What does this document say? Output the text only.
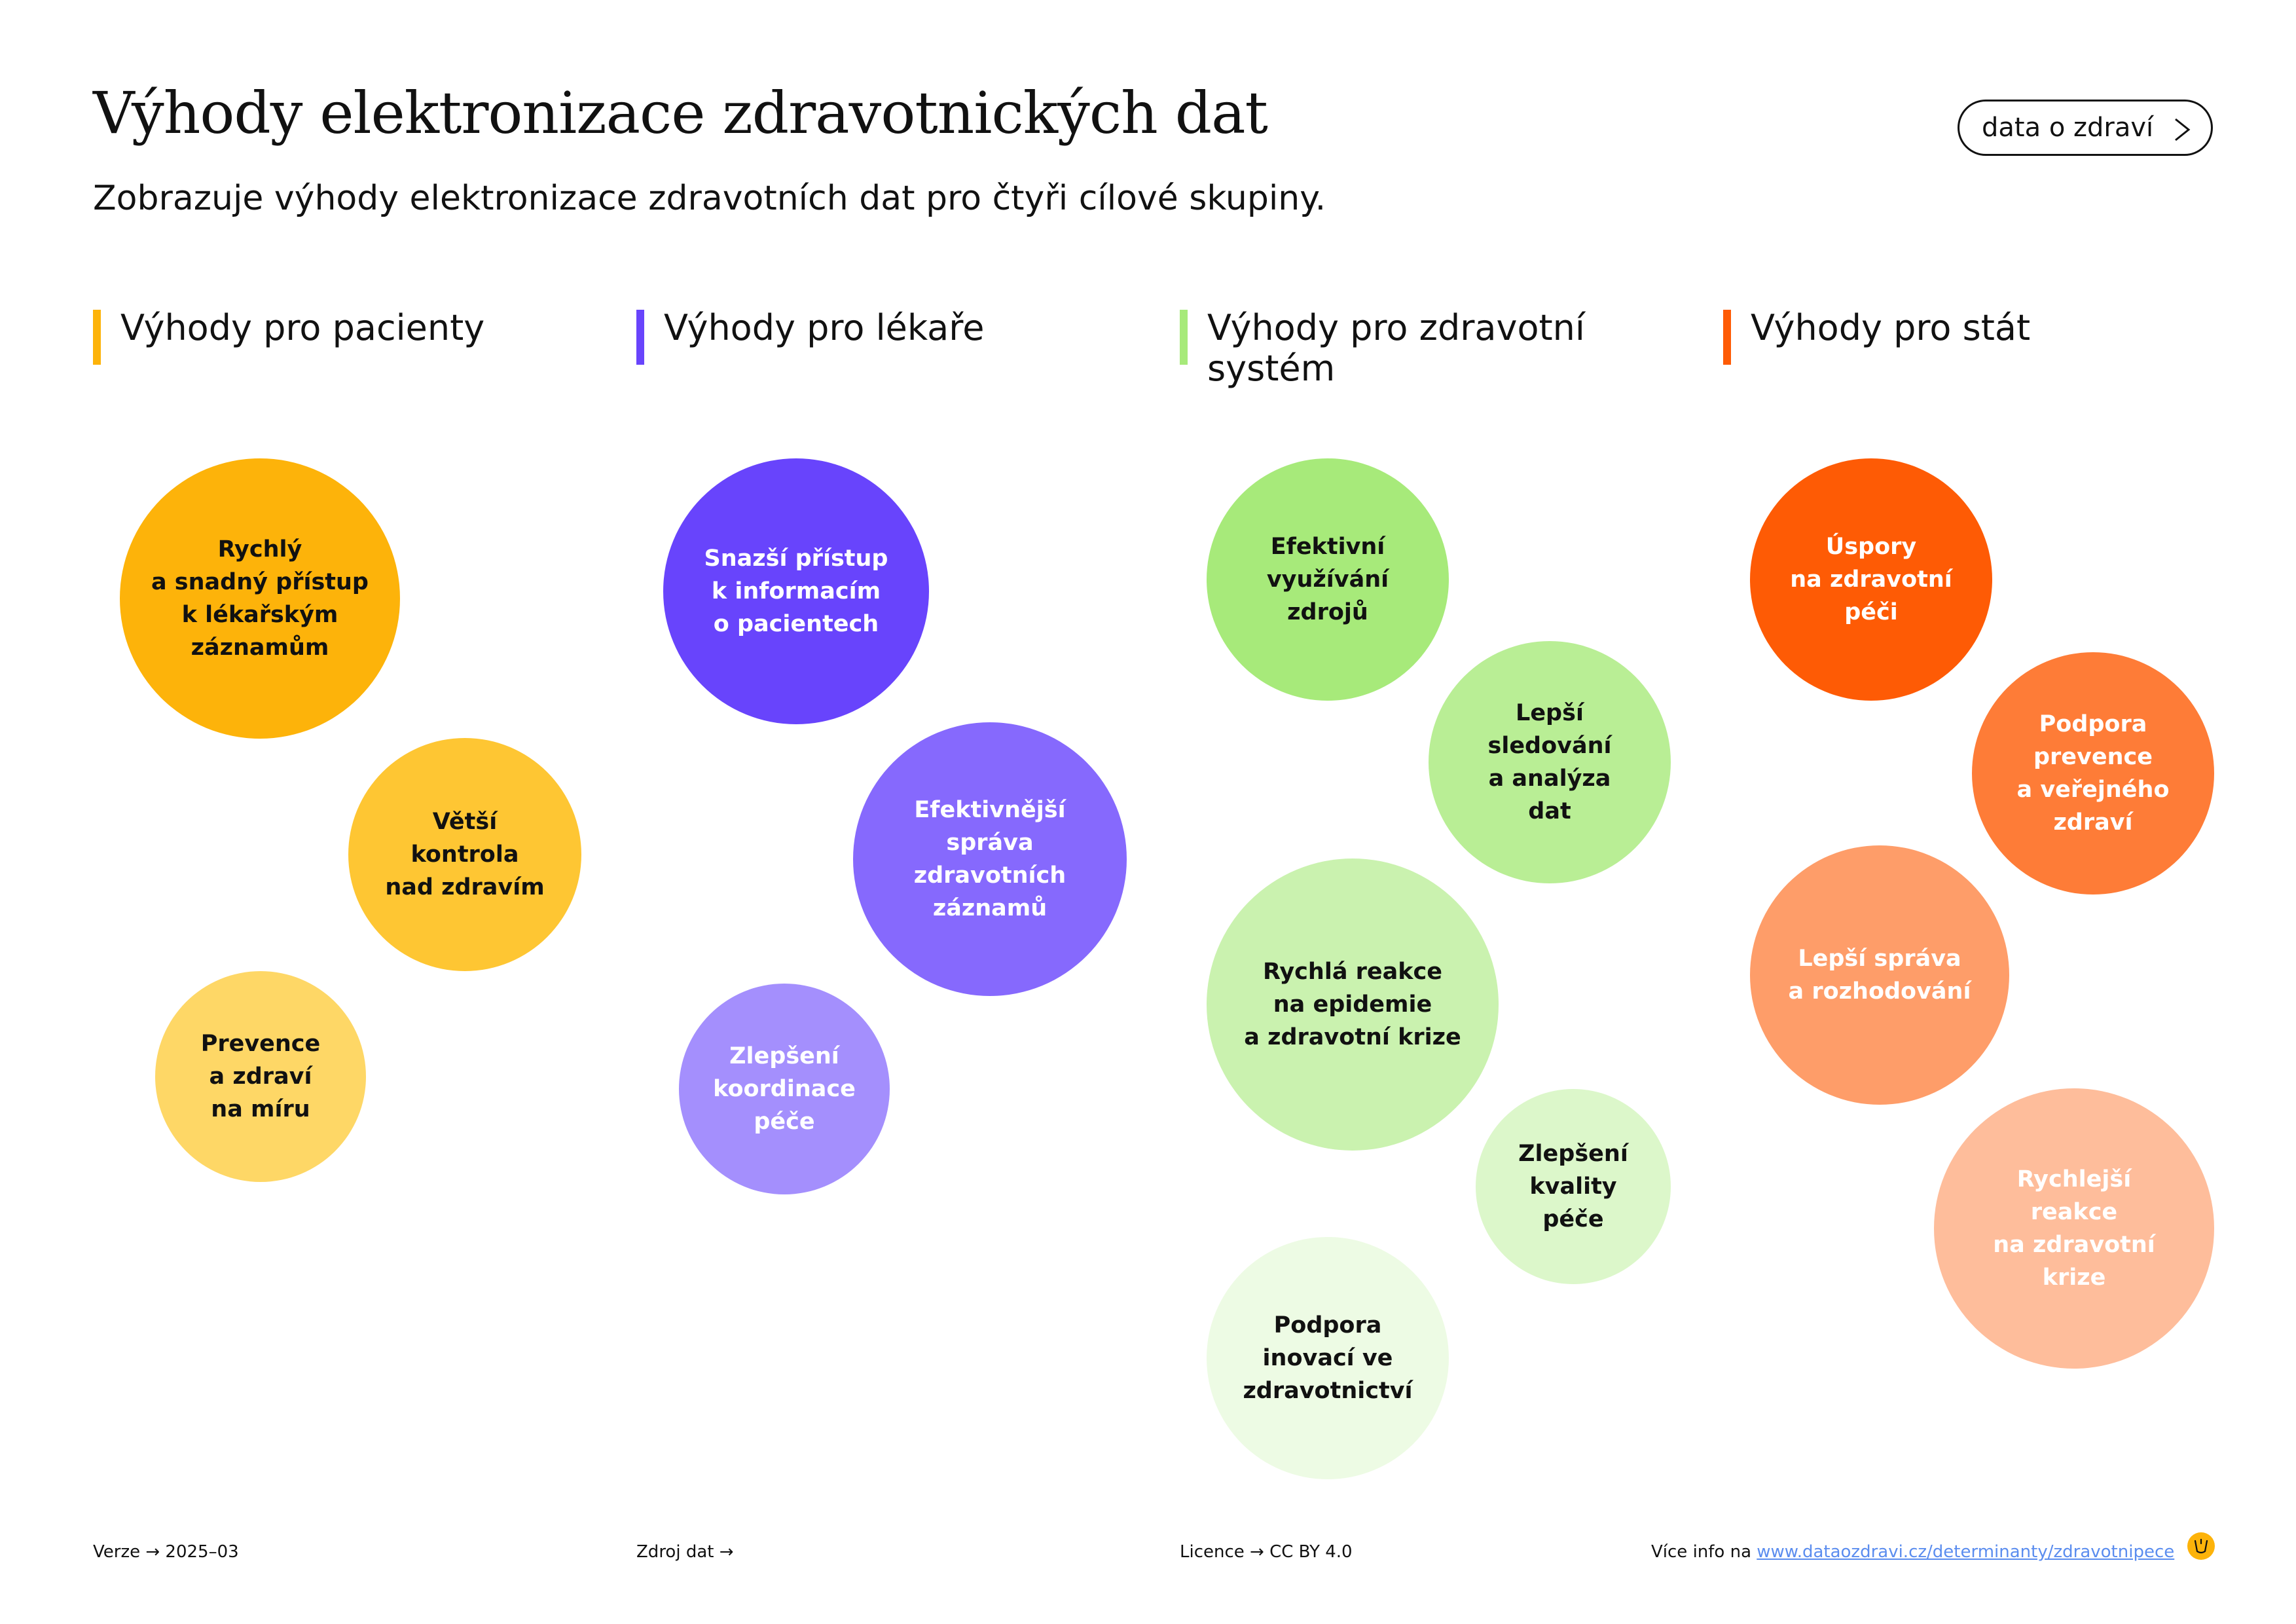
Výhody elektronizace zdravotnických dat

Zobrazuje výhody elektronizace zdravotních dat pro čtyři cílové skupiny.

data o zdraví
Výhody pro pacienty	Výhody pro lékaře	Výhody pro zdravotní systém
Výhody pro stát
Rychlý
a snadný přístup
k lékařským
záznamům
Větší
kontrola
nad zdravím
Prevence
a zdraví
na míru
Snazší přístup
k informacím
o pacientech
Efektivnější
správa
zdravotních
záznamů
Zlepšení
koordinace
péče
Efektivní
využívání
zdrojů
Lepší
sledování
a analýza
dat
Rychlá reakce
na epidemie
a zdravotní krize
Zlepšení
kvality
péče
Podpora
inovací ve
zdravotnictví
Úspory
na zdravotní
péči
Podpora
prevence
a veřejného
zdraví
Lepší správa
a rozhodování
Rychlejší
reakce
na zdravotní
krize
Verze → 2025–03	Zdroj dat →	Licence → CC BY 4.0	Více info na www.dataozdravi.cz/determinanty/zdravotnipece
